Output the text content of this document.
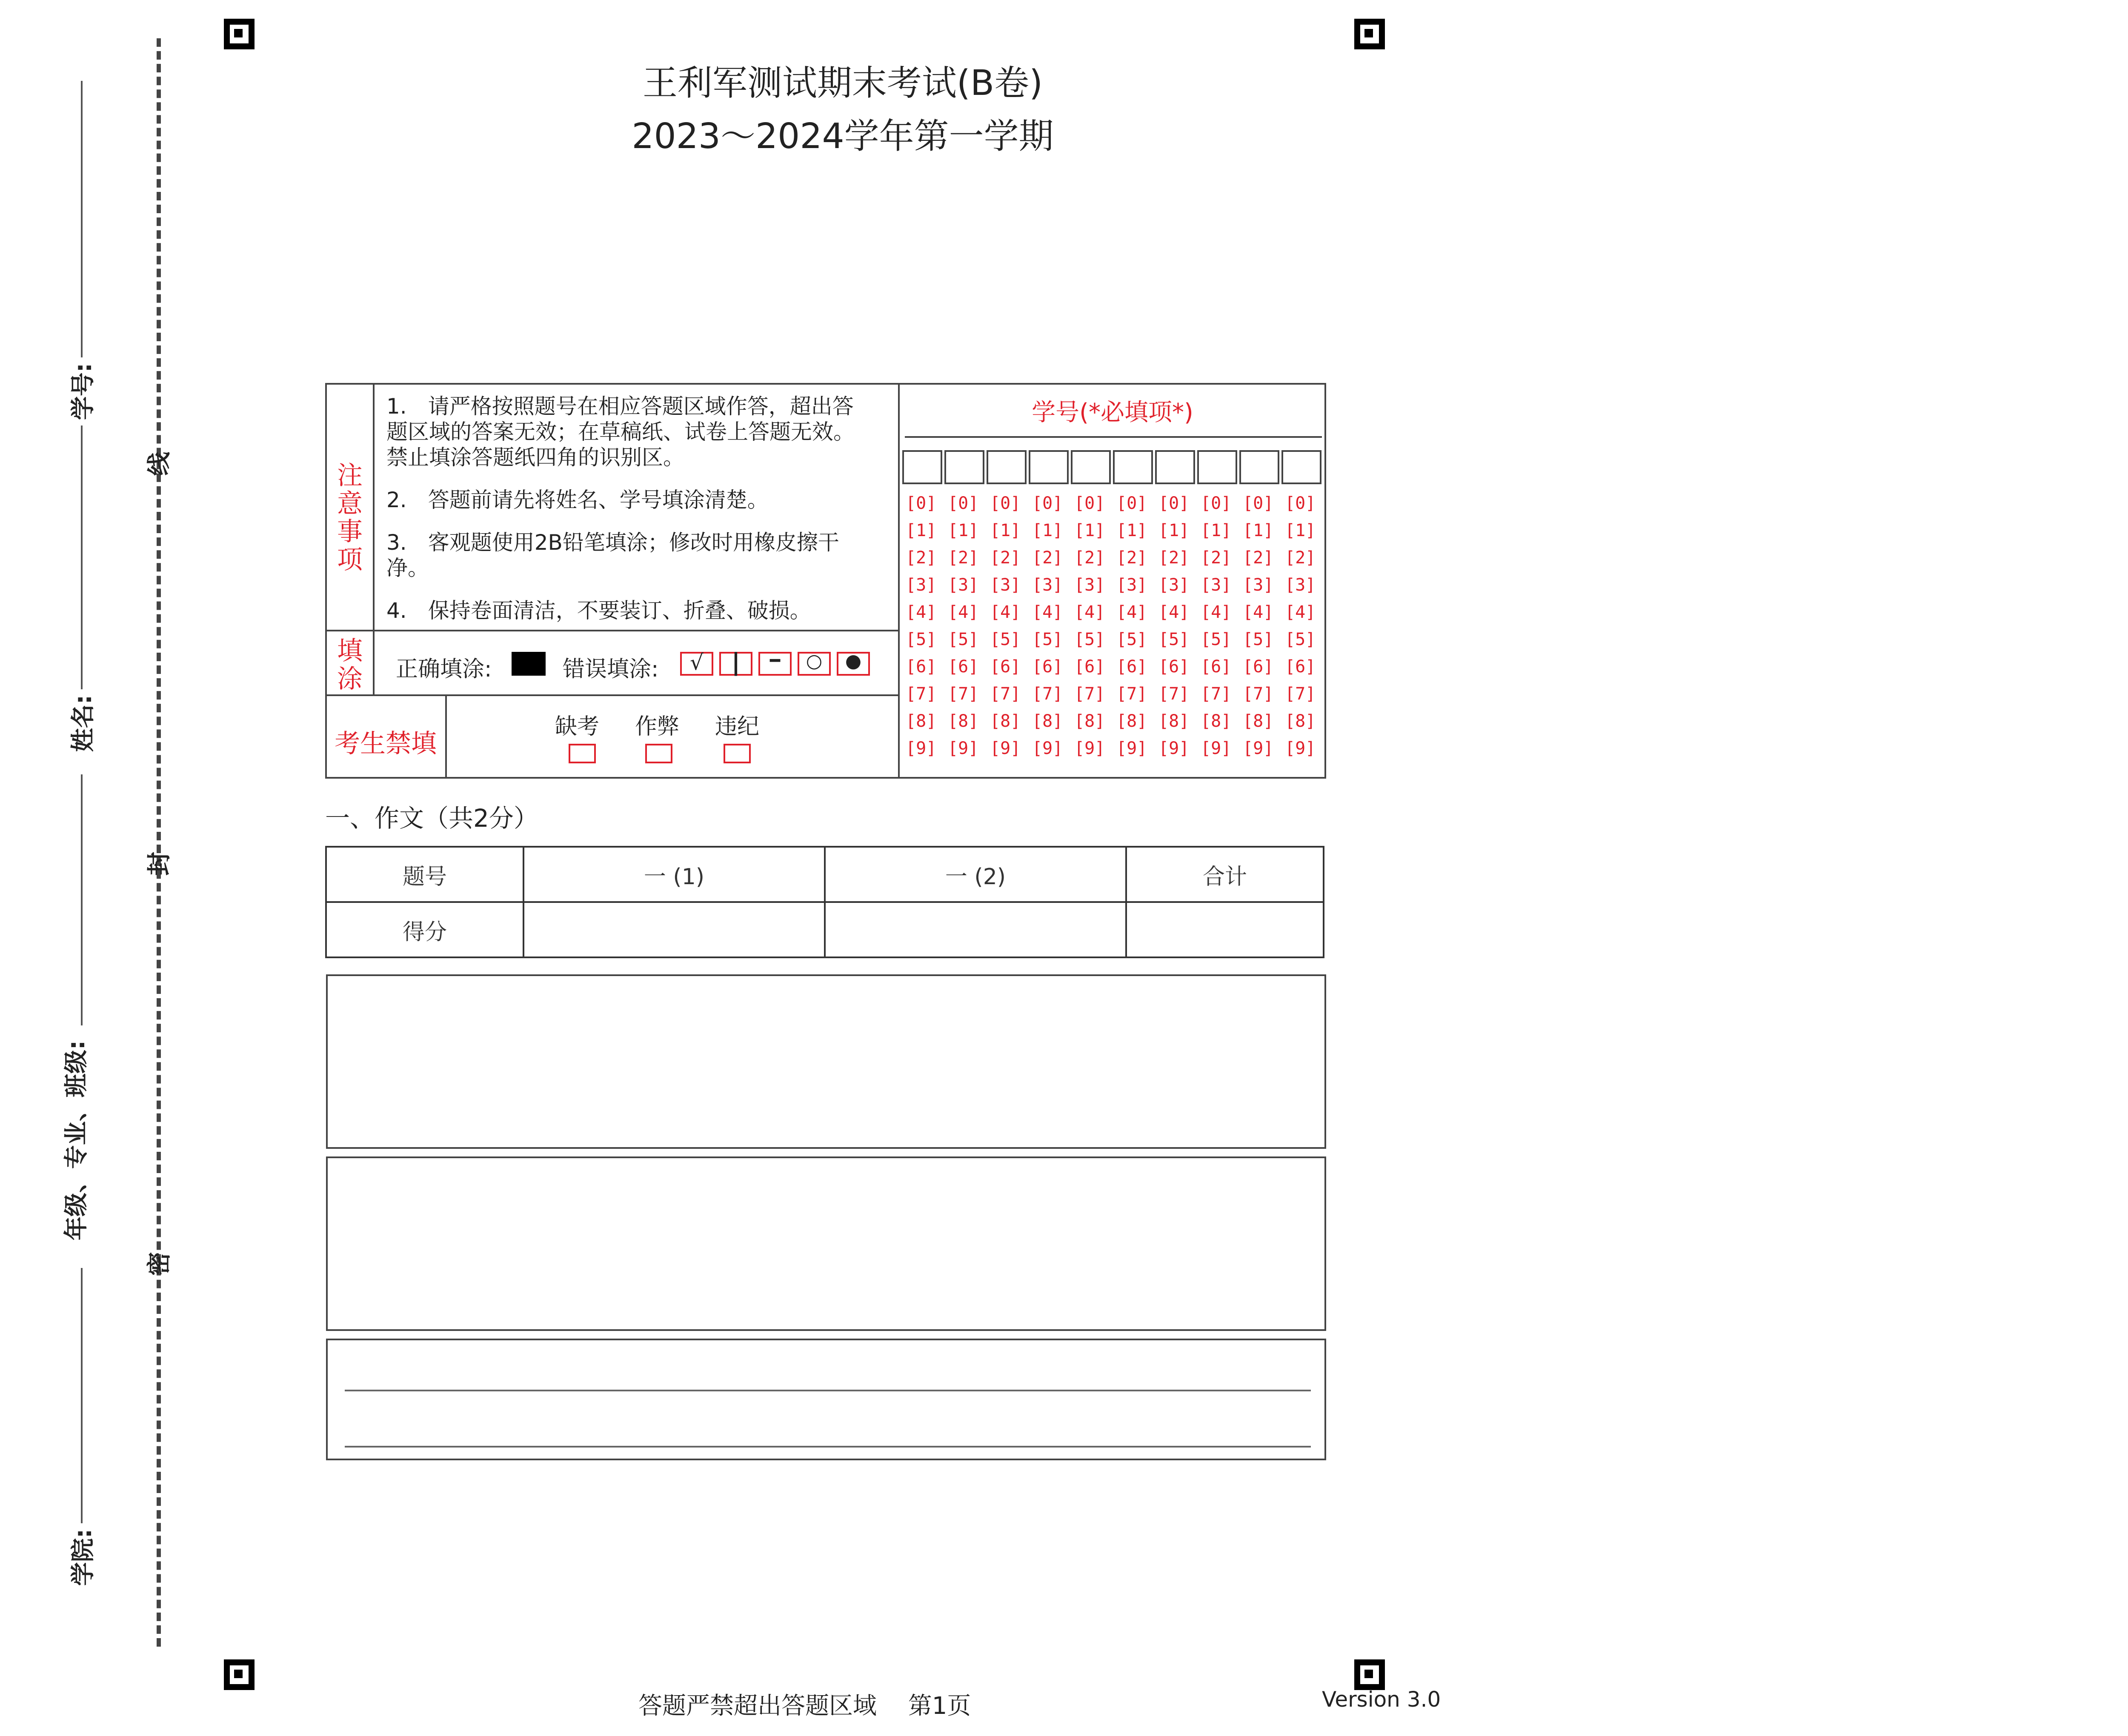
线
封
密
学号:
姓名:
年级、专业、班级:
学院:
王利军测试期末考试(B卷)
2023～2024学年第一学期
注意事项
1.　请严格按照题号在相应答题区域作答，超出答题区域的答案无效；在草稿纸、试卷上答题无效。禁止填涂答题纸四角的识别区。
2.　答题前请先将姓名、学号填涂清楚。
3.　客观题使用2B铅笔填涂；修改时用橡皮擦干净。
4.　保持卷面清洁，不要装订、折叠、破损。
填涂 正确填涂:	错误填涂:	√	|	━	○	●
考生禁填
缺考 作弊 违纪
学号(*必填项*)
[0] [0] [0] [0] [0] [0] [0] [0] [0] [0]
[1] [1] [1] [1] [1] [1] [1] [1] [1] [1]
[2] [2] [2] [2] [2] [2] [2] [2] [2] [2]
[3] [3] [3] [3] [3] [3] [3] [3] [3] [3]
[4] [4] [4] [4] [4] [4] [4] [4] [4] [4]
[5] [5] [5] [5] [5] [5] [5] [5] [5] [5]
[6] [6] [6] [6] [6] [6] [6] [6] [6] [6]
[7] [7] [7] [7] [7] [7] [7] [7] [7] [7]
[8] [8] [8] [8] [8] [8] [8] [8] [8] [8]
[9] [9] [9] [9] [9] [9] [9] [9] [9] [9]
一、作文（共2分）
题号	一 (1)	一 (2)	合计
得分
答题严禁超出答题区域　 第1页	Version 3.0
